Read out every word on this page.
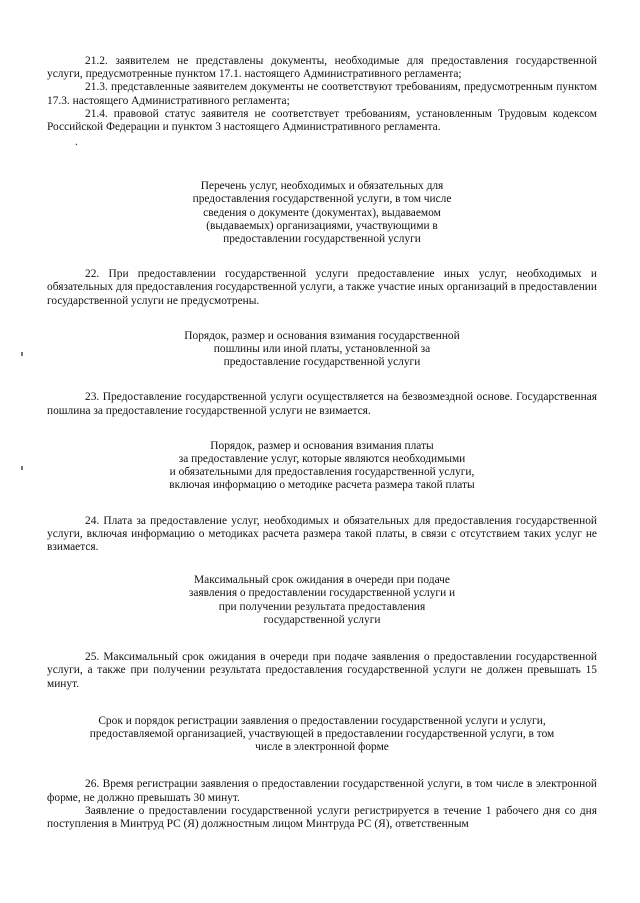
21.2. заявителем не представлены документы, необходимые для предоставления государственной услуги, предусмотренные пунктом 17.1. настоящего Административного регламента;

21.3. представленные заявителем документы не соответствуют требованиям, предусмотренным пунктом 17.3. настоящего Административного регламента;

21.4. правовой статус заявителя не соответствует требованиям, установленным Трудовым кодексом Российской Федерации и пунктом 3 настоящего Административного регламента.

.

Перечень услуг, необходимых и обязательных для

предоставления государственной услуги, в том числе

сведения о документе (документах), выдаваемом

(выдаваемых) организациями, участвующими в

предоставлении государственной услуги

22. При предоставлении государственной услуги предоставление иных услуг, необходимых и обязательных для предоставления государственной услуги, а также участие иных организаций в предоставлении государственной услуги не предусмотрены.

Порядок, размер и основания взимания государственной

пошлины или иной платы, установленной за

предоставление государственной услуги

23. Предоставление государственной услуги осуществляется на безвозмездной основе. Государственная пошлина за предоставление государственной услуги не взимается.

Порядок, размер и основания взимания платы

за предоставление услуг, которые являются необходимыми

и обязательными для предоставления государственной услуги,

включая информацию о методике расчета размера такой платы

24. Плата за предоставление услуг, необходимых и обязательных для предоставления государственной услуги, включая информацию о методиках расчета размера такой платы, в связи с отсутствием таких услуг не взимается.

Максимальный срок ожидания в очереди при подаче

заявления о предоставлении государственной услуги и

при получении результата предоставления

государственной услуги

25. Максимальный срок ожидания в очереди при подаче заявления о предоставлении государственной услуги, а также при получении результата предоставления государственной услуги не должен превышать 15 минут.

Срок и порядок регистрации заявления о предоставлении государственной услуги и услуги,

предоставляемой организацией, участвующей в предоставлении государственной услуги, в том

числе в электронной форме

26. Время регистрации заявления о предоставлении государственной услуги, в том числе в электронной форме, не должно превышать 30 минут.

Заявление о предоставлении государственной услуги регистрируется в течение 1 рабочего дня со дня поступления в Минтруд РС (Я) должностным лицом Минтруда РС (Я), ответственным
